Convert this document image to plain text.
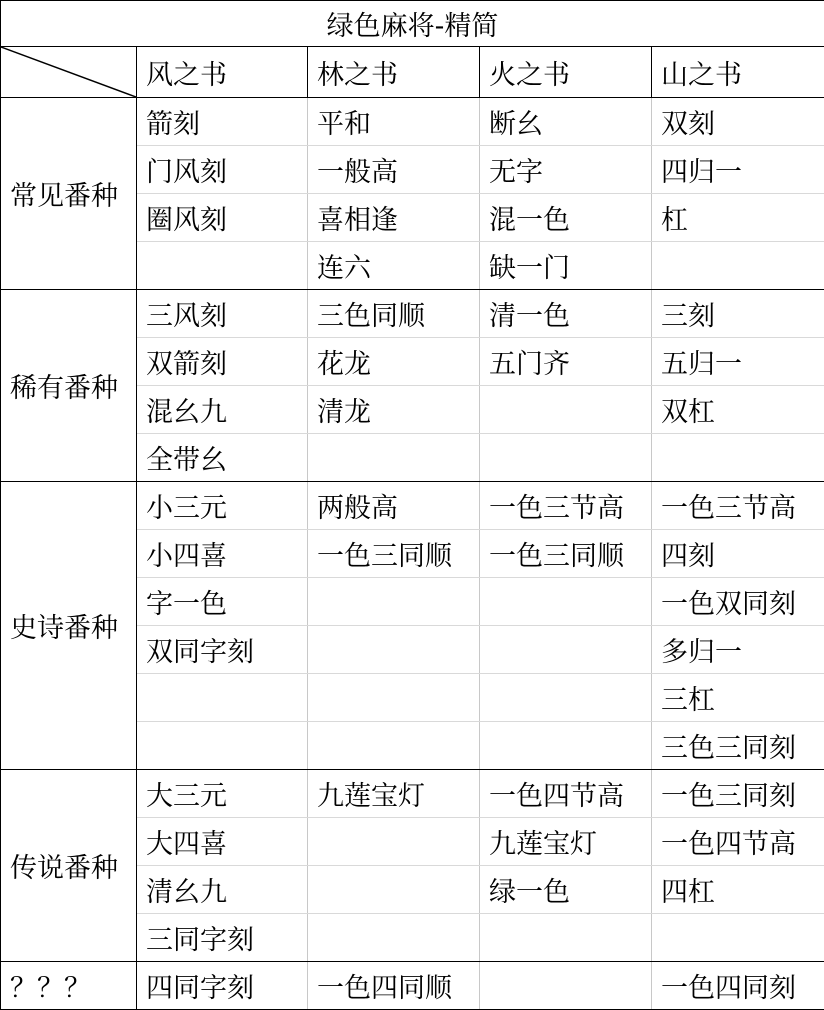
绿色麻将-精简				

	风之书	林之书	火之书	山之书
常见番种	箭刻	平和	断幺	双刻
	门风刻	一般高	无字	四归一
	圈风刻	喜相逢	混一色	杠
		连六	缺一门	
稀有番种	三风刻	三色同顺	清一色	三刻
	双箭刻	花龙	五门齐	五归一
	混幺九	清龙		双杠
	全带幺			
史诗番种	小三元	两般高	一色三节高	一色三节高
	小四喜	一色三同顺	一色三同顺	四刻
	字一色			一色双同刻
	双同字刻			多归一
				三杠
				三色三同刻
传说番种	大三元	九莲宝灯	一色四节高	一色三同刻
	大四喜		九莲宝灯	一色四节高
	清幺九		绿一色	四杠
	三同字刻			
？？？	四同字刻	一色四同顺		一色四同刻
